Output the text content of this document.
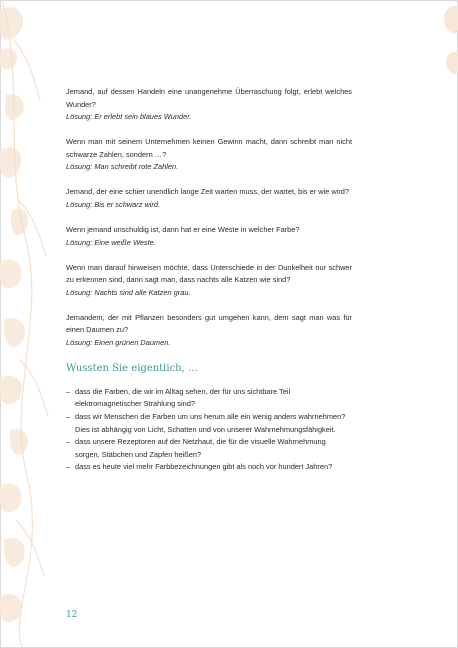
Jemand, auf dessen Handeln eine unangenehme Überraschung folgt, erlebt welches Wunder?
Lösung: Er erlebt sein blaues Wunder.
Wenn man mit seinem Unternehmen keinen Gewinn macht, dann schreibt man nicht schwarze Zahlen, sondern …?
Lösung: Man schreibt rote Zahlen.
Jemand, der eine schier unendlich lange Zeit warten muss, der wartet, bis er wie wird?
Lösung: Bis er schwarz wird.
Wenn jemand unschuldig ist, dann hat er eine Weste in welcher Farbe?
Lösung: Eine weiße Weste.
Wenn man darauf hinweisen möchte, dass Unterschiede in der Dunkelheit nur schwer zu erkennen sind, dann sagt man, dass nachts alle Katzen wie sind?
Lösung: Nachts sind alle Katzen grau.
Jemandem, der mit Pflanzen besonders gut umgehen kann, dem sagt man was für einen Daumen zu?
Lösung: Einen grünen Daumen.
Wussten Sie eigentlich, …
– dass die Farben, die wir im Alltag sehen, der für uns sichtbare Teil elektromagnetischer Strahlung sind?
– dass wir Menschen die Farben um uns herum alle ein wenig anders wahrnehmen? Dies ist abhängig von Licht, Schatten und von unserer Wahrnehmungsfähigkeit.
– dass unsere Rezeptoren auf der Netzhaut, die für die visuelle Wahrnehmung sorgen, Stäbchen und Zapfen heißen?
– dass es heute viel mehr Farbbezeichnungen gibt als noch vor hundert Jahren?
12
